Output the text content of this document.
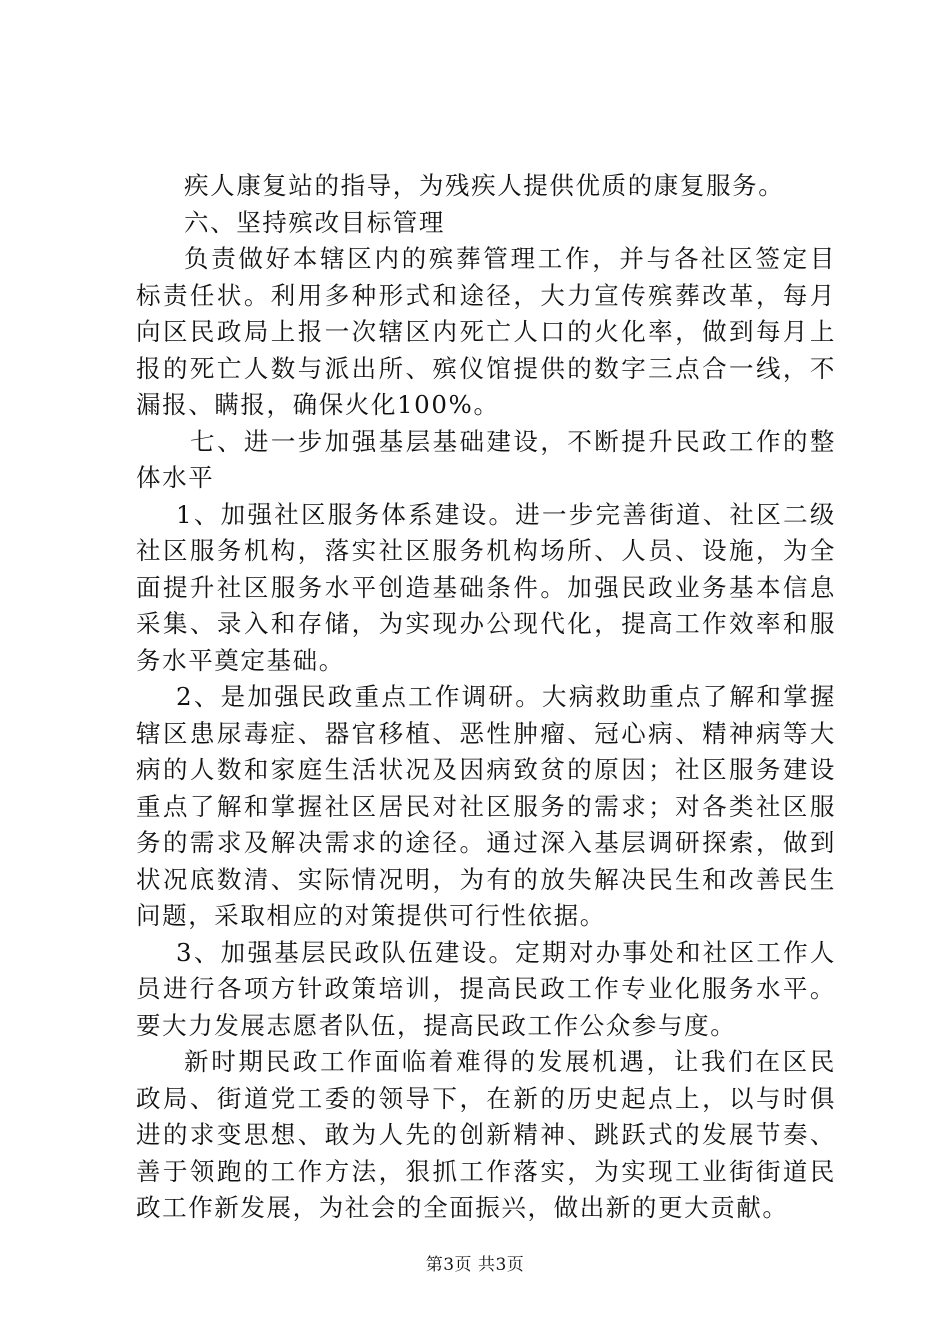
疾人康复站的指导，为残疾人提供优质的康复服务。

六、坚持殡改目标管理

负责做好本辖区内的殡葬管理工作，并与各社区签定目标责任状。利用多种形式和途径，大力宣传殡葬改革，每月向区民政局上报一次辖区内死亡人口的火化率，做到每月上报的死亡人数与派出所、殡仪馆提供的数字三点合一线，不漏报、瞒报，确保火化100%。

七、进一步加强基层基础建设，不断提升民政工作的整体水平

1、加强社区服务体系建设。进一步完善街道、社区二级社区服务机构，落实社区服务机构场所、人员、设施，为全面提升社区服务水平创造基础条件。加强民政业务基本信息采集、录入和存储，为实现办公现代化，提高工作效率和服务水平奠定基础。

2、是加强民政重点工作调研。大病救助重点了解和掌握辖区患尿毒症、器官移植、恶性肿瘤、冠心病、精神病等大病的人数和家庭生活状况及因病致贫的原因；社区服务建设重点了解和掌握社区居民对社区服务的需求；对各类社区服务的需求及解决需求的途径。通过深入基层调研探索，做到状况底数清、实际情况明，为有的放失解决民生和改善民生问题，采取相应的对策提供可行性依据。

3、加强基层民政队伍建设。定期对办事处和社区工作人员进行各项方针政策培训，提高民政工作专业化服务水平。要大力发展志愿者队伍，提高民政工作公众参与度。

新时期民政工作面临着难得的发展机遇，让我们在区民政局、街道党工委的领导下，在新的历史起点上，以与时俱进的求变思想、敢为人先的创新精神、跳跃式的发展节奏、善于领跑的工作方法，狠抓工作落实，为实现工业街街道民政工作新发展，为社会的全面振兴，做出新的更大贡献。

第3页 共3页
